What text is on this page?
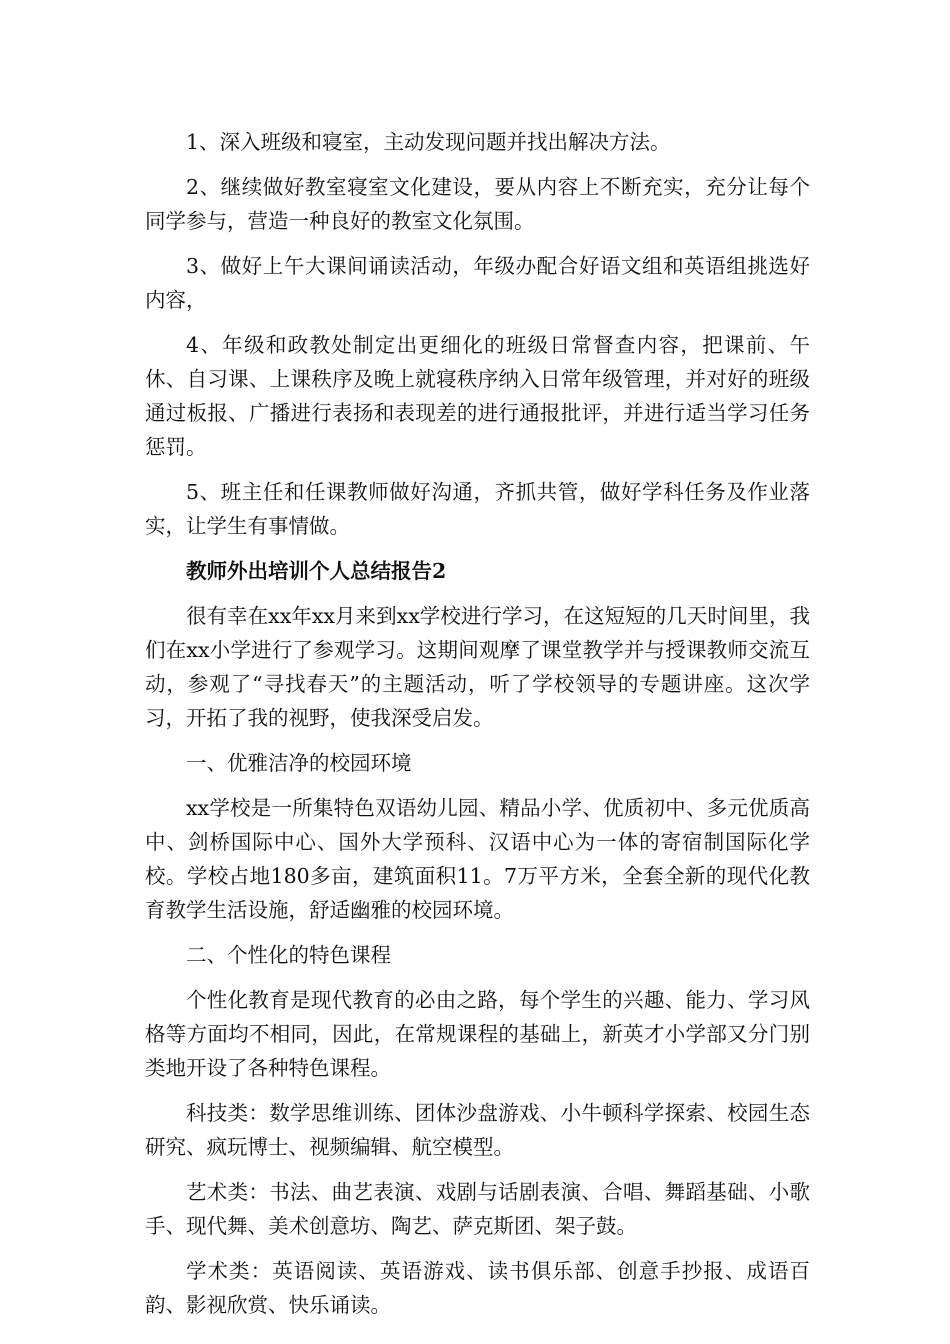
1、深入班级和寝室，主动发现问题并找出解决方法。

2、继续做好教室寝室文化建设，要从内容上不断充实，充分让每个同学参与，营造一种良好的教室文化氛围。

3、做好上午大课间诵读活动，年级办配合好语文组和英语组挑选好内容，

4、年级和政教处制定出更细化的班级日常督查内容，把课前、午休、自习课、上课秩序及晚上就寝秩序纳入日常年级管理，并对好的班级通过板报、广播进行表扬和表现差的进行通报批评，并进行适当学习任务惩罚。

5、班主任和任课教师做好沟通，齐抓共管，做好学科任务及作业落实，让学生有事情做。

教师外出培训个人总结报告2

很有幸在xx年xx月来到xx学校进行学习，在这短短的几天时间里，我们在xx小学进行了参观学习。这期间观摩了课堂教学并与授课教师交流互动，参观了“寻找春天”的主题活动，听了学校领导的专题讲座。这次学习，开拓了我的视野，使我深受启发。

一、优雅洁净的校园环境

xx学校是一所集特色双语幼儿园、精品小学、优质初中、多元优质高中、剑桥国际中心、国外大学预科、汉语中心为一体的寄宿制国际化学校。学校占地180多亩，建筑面积11。7万平方米，全套全新的现代化教育教学生活设施，舒适幽雅的校园环境。

二、个性化的特色课程

个性化教育是现代教育的必由之路，每个学生的兴趣、能力、学习风格等方面均不相同，因此，在常规课程的基础上，新英才小学部又分门别类地开设了各种特色课程。

科技类：数学思维训练、团体沙盘游戏、小牛顿科学探索、校园生态研究、疯玩博士、视频编辑、航空模型。

艺术类：书法、曲艺表演、戏剧与话剧表演、合唱、舞蹈基础、小歌手、现代舞、美术创意坊、陶艺、萨克斯团、架子鼓。

学术类：英语阅读、英语游戏、读书俱乐部、创意手抄报、成语百韵、影视欣赏、快乐诵读。
